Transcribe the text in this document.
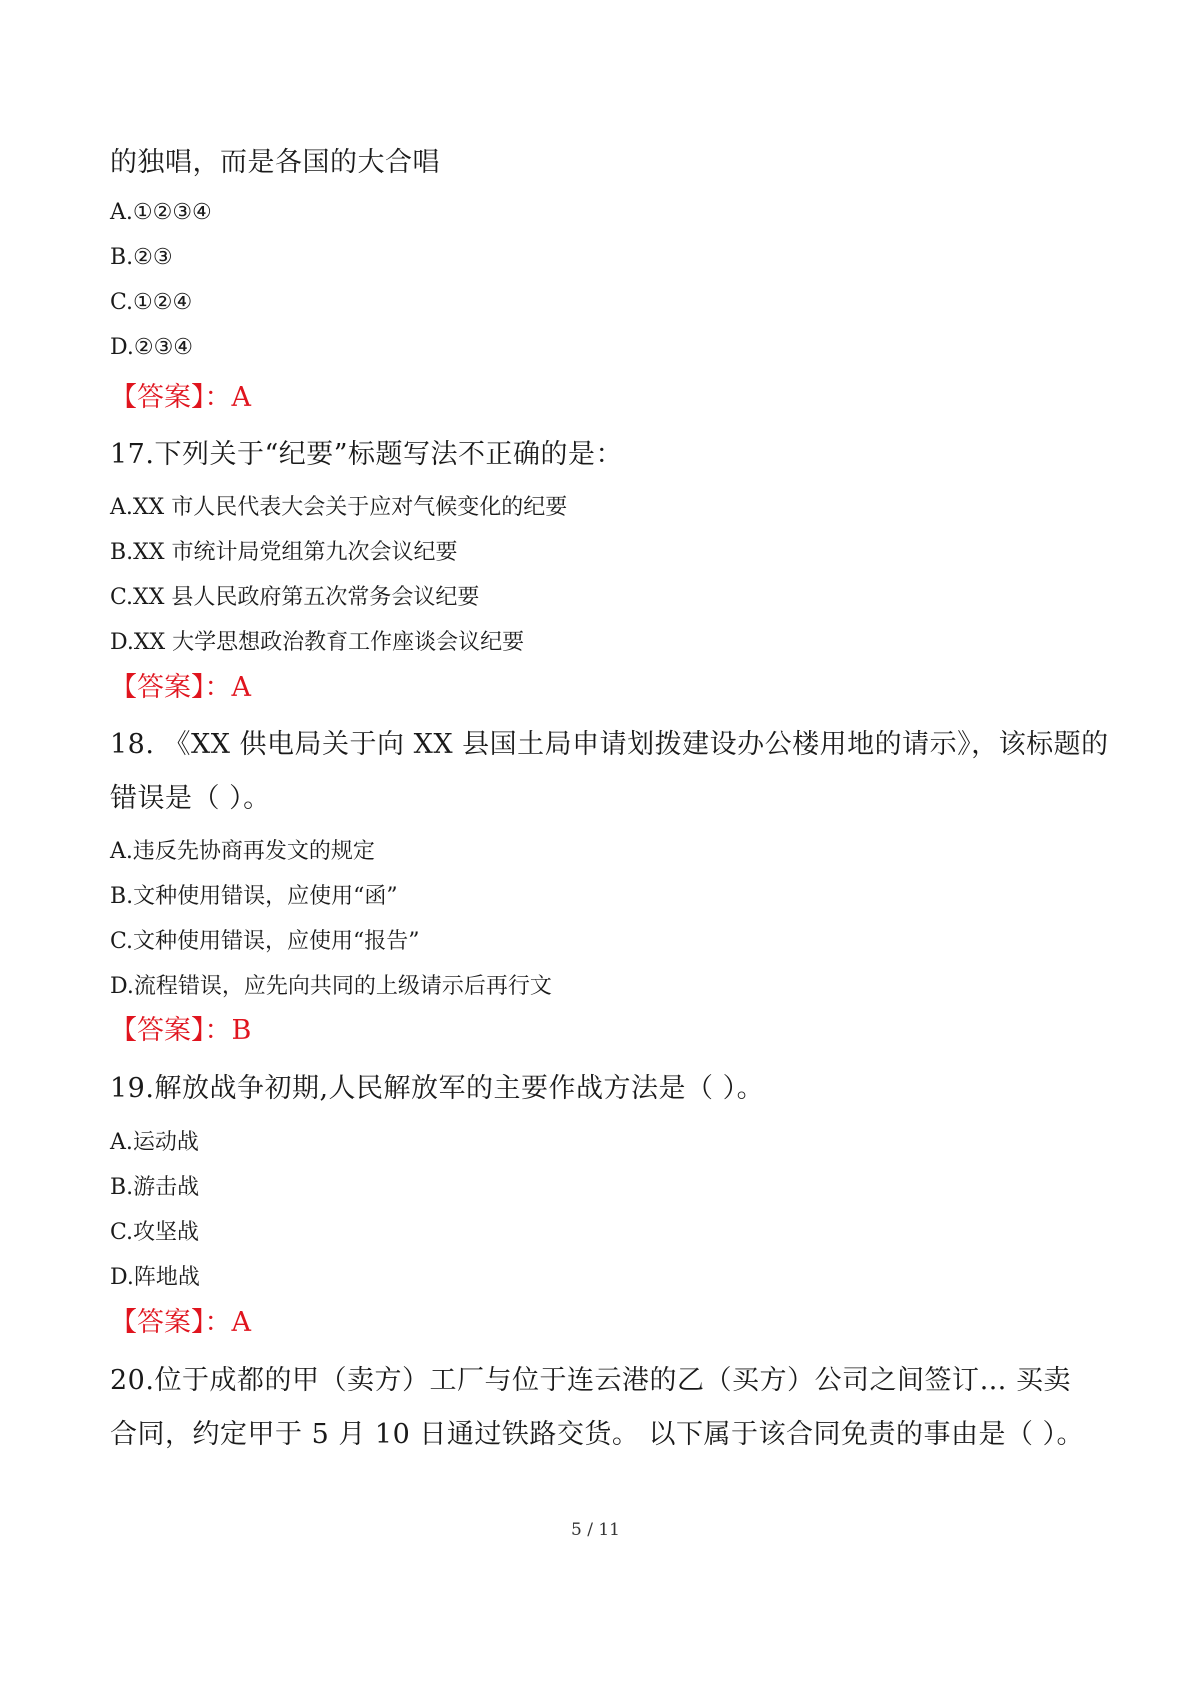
的独唱，而是各国的大合唱
A.①②③④
B.②③
C.①②④
D.②③④
【答案】：A
17.下列关于“纪要”标题写法不正确的是：
A.XX 市人民代表大会关于应对气候变化的纪要
B.XX 市统计局党组第九次会议纪要
C.XX 县人民政府第五次常务会议纪要
D.XX 大学思想政治教育工作座谈会议纪要
【答案】：A
18. 《XX 供电局关于向 XX 县国土局申请划拨建设办公楼用地的请示》，该标题的
错误是（ ）。
A.违反先协商再发文的规定
B.文种使用错误，应使用“函”
C.文种使用错误，应使用“报告”
D.流程错误，应先向共同的上级请示后再行文
【答案】：B
19.解放战争初期,人民解放军的主要作战方法是（ ）。
A.运动战
B.游击战
C.攻坚战
D.阵地战
【答案】：A
20.位于成都的甲（卖方）工厂与位于连云港的乙（买方）公司之间签订… 买卖
合同，约定甲于 5 月 10 日通过铁路交货。 以下属于该合同免责的事由是（ ）。
5 / 11
